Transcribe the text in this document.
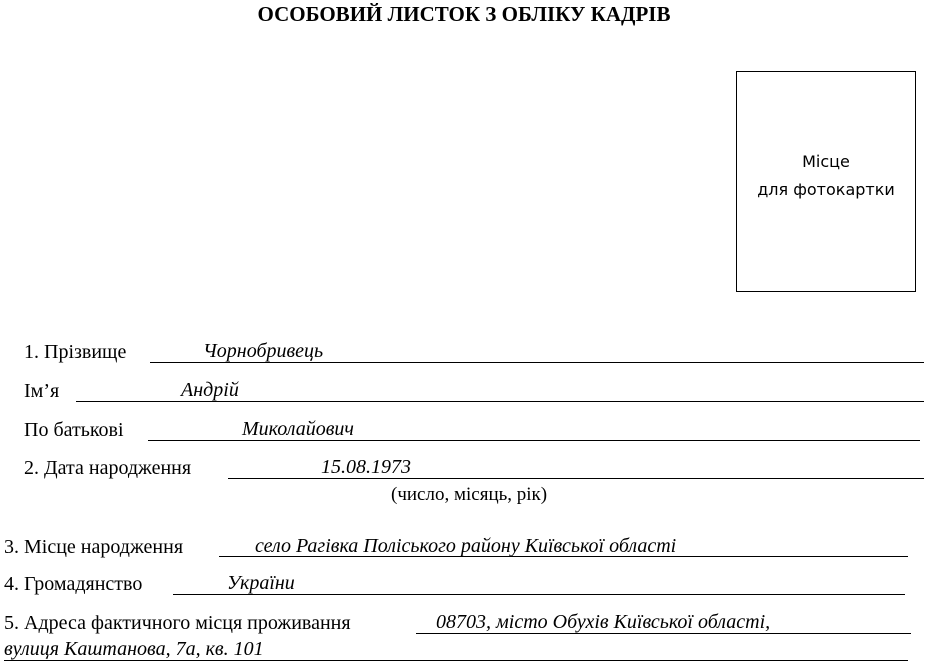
ОСОБОВИЙ ЛИСТОК З ОБЛІКУ КАДРІВ
Місце
для фотокартки
1. Прізвище	Чорнобривець
Ім’я	Андрій
По батькові	Миколайович
2. Дата народження	15.08.1973
(число, місяць, рік)
3. Місце народження	село Рагівка Поліського району Київської області
4. Громадянство	України
5. Адреса фактичного місця проживання	08703, місто Обухів Київської області,
вулиця Каштанова, 7а, кв. 101
